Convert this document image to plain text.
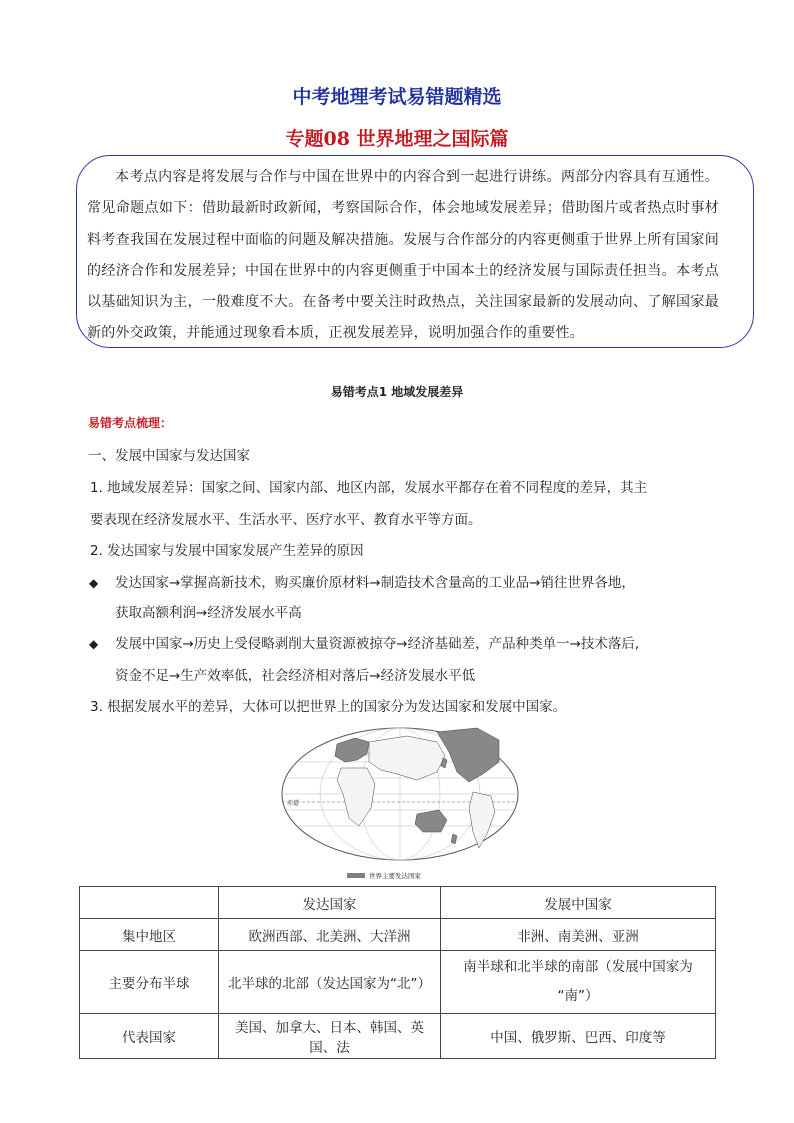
中考地理考试易错题精选
专题08 世界地理之国际篇
本考点内容是将发展与合作与中国在世界中的内容合到一起进行讲练。两部分内容具有互通性。常见命题点如下：借助最新时政新闻，考察国际合作，体会地域发展差异；借助图片或者热点时事材料考查我国在发展过程中面临的问题及解决措施。发展与合作部分的内容更侧重于世界上所有国家间的经济合作和发展差异；中国在世界中的内容更侧重于中国本土的经济发展与国际责任担当。本考点以基础知识为主，一般难度不大。在备考中要关注时政热点，关注国家最新的发展动向、了解国家最新的外交政策，并能通过现象看本质，正视发展差异，说明加强合作的重要性。
易错考点1 地域发展差异
易错考点梳理：
一、发展中国家与发达国家
1. 地域发展差异：国家之间、国家内部、地区内部，发展水平都存在着不同程度的差异，其主
要表现在经济发展水平、生活水平、医疗水平、教育水平等方面。
2. 发达国家与发展中国家发展产生差异的原因
◆ 发达国家→掌握高新技术，购买廉价原材料→制造技术含量高的工业品→销往世界各地，
获取高额利润→经济发展水平高
◆ 发展中国家→历史上受侵略剥削大量资源被掠夺→经济基础差，产品种类单一→技术落后,
资金不足→生产效率低，社会经济相对落后→经济发展水平低
3. 根据发展水平的差异，大体可以把世界上的国家分为发达国家和发展中国家。
赤道
世界主要发达国家
	发达国家	发展中国家
集中地区	欧洲西部、北美洲、大洋洲	非洲、南美洲、亚洲
主要分布半球	北半球的北部（发达国家为“北”）	南半球和北半球的南部（发展中国家为
“南”）

代表国家	美国、加拿大、日本、韩国、英国、法	中国、俄罗斯、巴西、印度等
